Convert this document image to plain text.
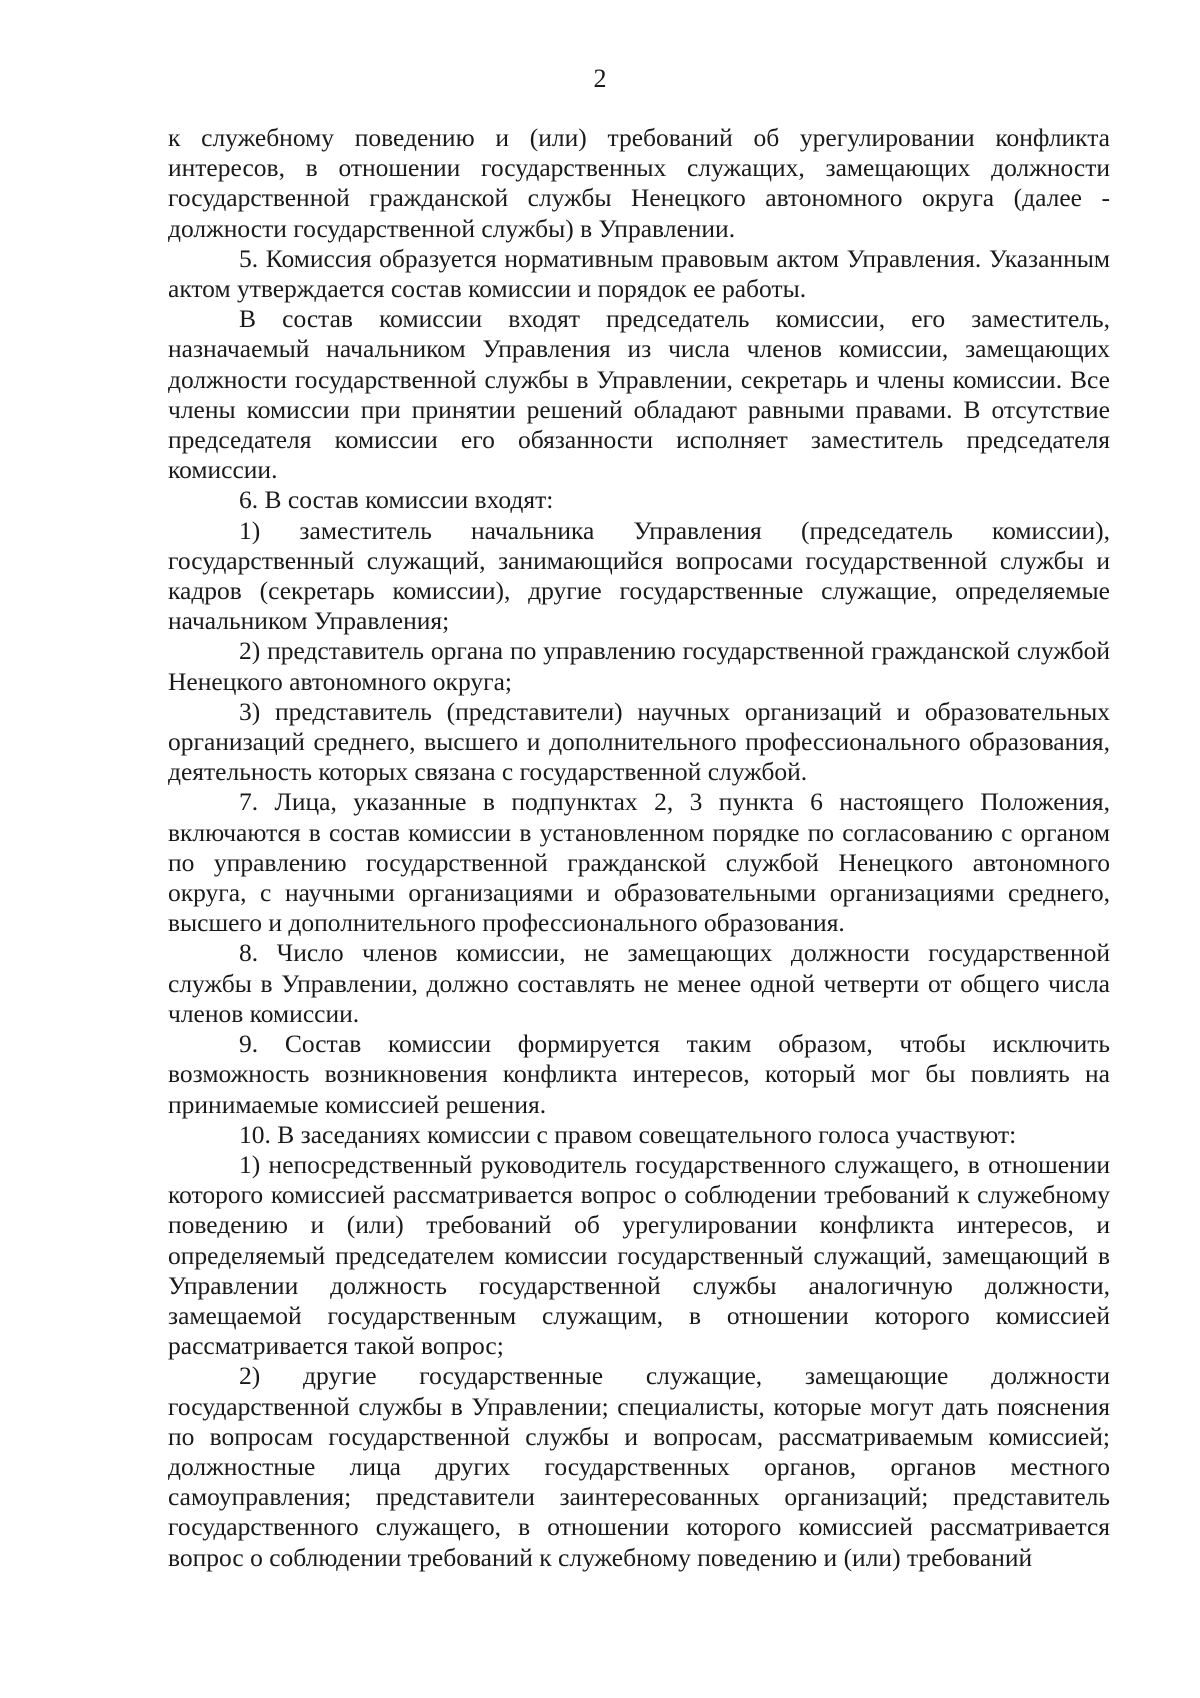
2

к служебному поведению и (или) требований об урегулировании конфликта интересов, в отношении государственных служащих, замещающих должности государственной гражданской службы Ненецкого автономного округа (далее - должности государственной службы) в Управлении.

5. Комиссия образуется нормативным правовым актом Управления. Указанным актом утверждается состав комиссии и порядок ее работы.

В состав комиссии входят председатель комиссии, его заместитель, назначаемый начальником Управления из числа членов комиссии, замещающих должности государственной службы в Управлении, секретарь и члены комиссии. Все члены комиссии при принятии решений обладают равными правами. В отсутствие председателя комиссии его обязанности исполняет заместитель председателя комиссии.

6. В состав комиссии входят:

1) заместитель начальника Управления (председатель комиссии), государственный служащий, занимающийся вопросами государственной службы и кадров (секретарь комиссии), другие государственные служащие, определяемые начальником Управления;

2) представитель органа по управлению государственной гражданской службой Ненецкого автономного округа;

3) представитель (представители) научных организаций и образовательных организаций среднего, высшего и дополнительного профессионального образования, деятельность которых связана с государственной службой.

7. Лица, указанные в подпунктах 2, 3 пункта 6 настоящего Положения, включаются в состав комиссии в установленном порядке по согласованию с органом по управлению государственной гражданской службой Ненецкого автономного округа, с научными организациями и образовательными организациями среднего, высшего и дополнительного профессионального образования.

8. Число членов комиссии, не замещающих должности государственной службы в Управлении, должно составлять не менее одной четверти от общего числа членов комиссии.

9. Состав комиссии формируется таким образом, чтобы исключить возможность возникновения конфликта интересов, который мог бы повлиять на принимаемые комиссией решения.

10. В заседаниях комиссии с правом совещательного голоса участвуют:

1) непосредственный руководитель государственного служащего, в отношении которого комиссией рассматривается вопрос о соблюдении требований к служебному поведению и (или) требований об урегулировании конфликта интересов, и определяемый председателем комиссии государственный служащий, замещающий в Управлении должность государственной службы аналогичную должности, замещаемой государственным служащим, в отношении которого комиссией рассматривается такой вопрос;

2) другие государственные служащие, замещающие должности государственной службы в Управлении; специалисты, которые могут дать пояснения по вопросам государственной службы и вопросам, рассматриваемым комиссией; должностные лица других государственных органов, органов местного самоуправления; представители заинтересованных организаций; представитель государственного служащего, в отношении которого комиссией рассматривается вопрос о соблюдении требований к служебному поведению и (или) требований
